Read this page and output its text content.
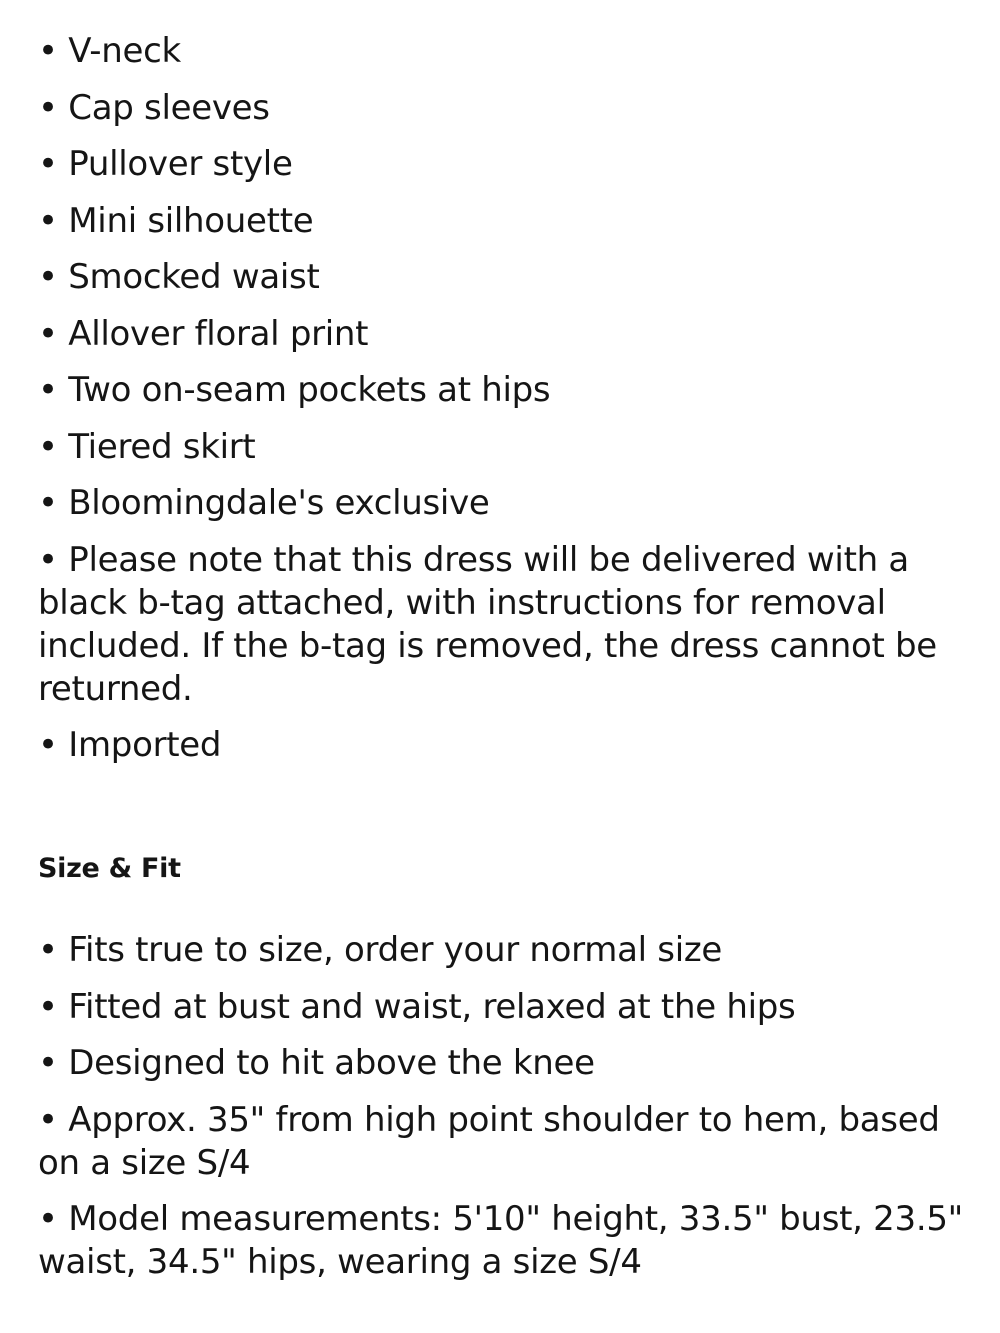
• V-neck
• Cap sleeves
• Pullover style
• Mini silhouette
• Smocked waist
• Allover floral print
• Two on-seam pockets at hips
• Tiered skirt
• Bloomingdale's exclusive
• Please note that this dress will be delivered with a black b-tag attached, with instructions for removal included. If the b-tag is removed, the dress cannot be returned.
• Imported
Size & Fit
• Fits true to size, order your normal size
• Fitted at bust and waist, relaxed at the hips
• Designed to hit above the knee
• Approx. 35" from high point shoulder to hem, based on a size S/4
• Model measurements: 5'10" height, 33.5" bust, 23.5" waist, 34.5" hips, wearing a size S/4
